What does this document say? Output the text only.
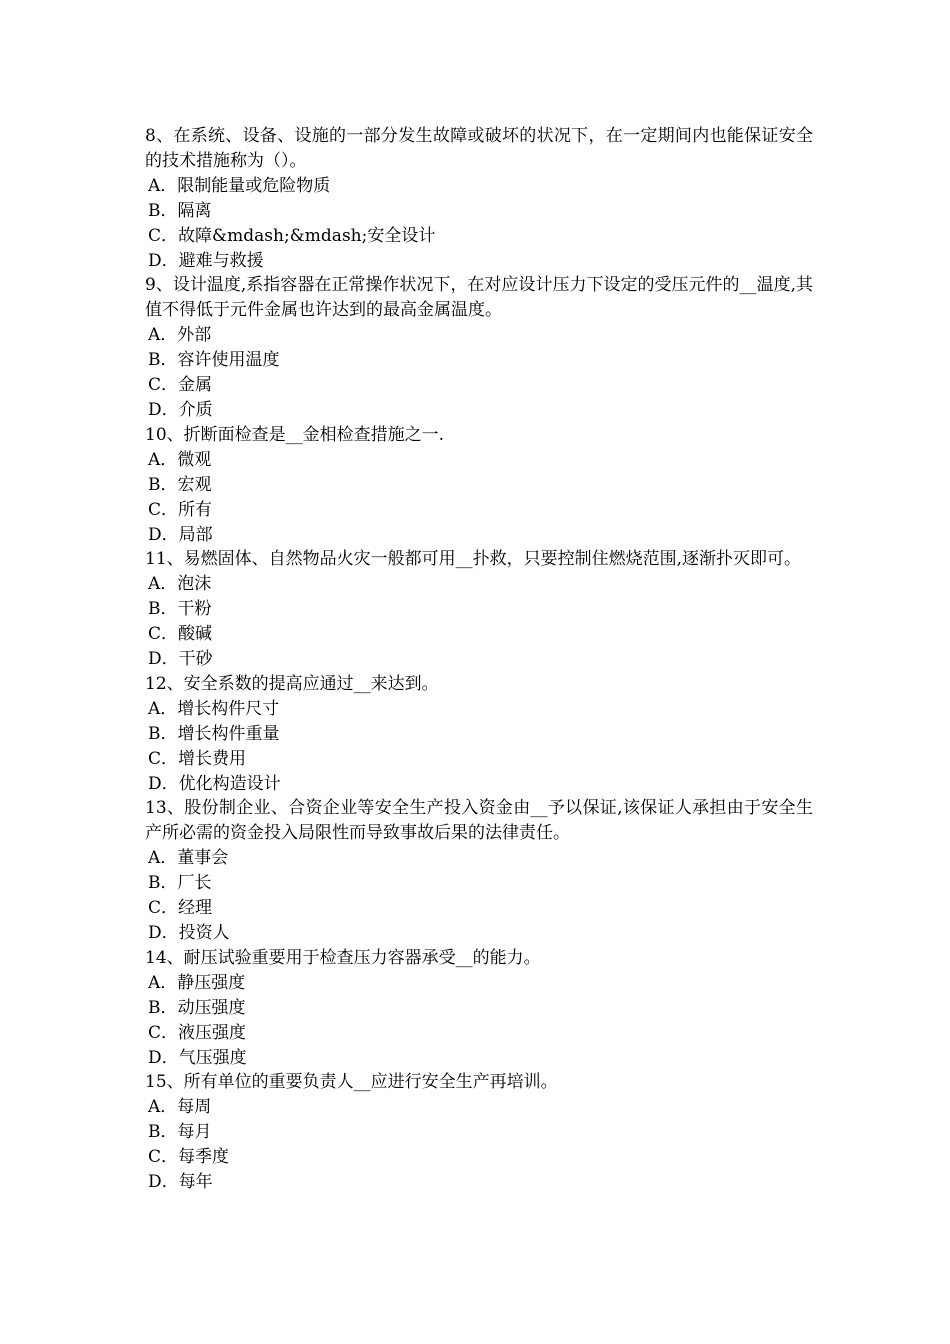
8、在系统、设备、设施的一部分发生故障或破坏的状况下，在一定期间内也能保证安全的技术措施称为（）。

A．限制能量或危险物质

B．隔离

C．故障&mdash;&mdash;安全设计

D．避难与救援

9、设计温度,系指容器在正常操作状况下，在对应设计压力下设定的受压元件的__温度,其值不得低于元件金属也许达到的最高金属温度。

A．外部

B．容许使用温度

C．金属

D．介质

10、折断面检查是__金相检查措施之一.

A．微观

B．宏观

C．所有

D．局部

11、易燃固体、自然物品火灾一般都可用__扑救，只要控制住燃烧范围,逐渐扑灭即可。

A．泡沫

B．干粉

C．酸碱

D．干砂

12、安全系数的提高应通过__来达到。

A．增长构件尺寸

B．增长构件重量

C．增长费用

D．优化构造设计

13、股份制企业、合资企业等安全生产投入资金由__予以保证,该保证人承担由于安全生产所必需的资金投入局限性而导致事故后果的法律责任。

A．董事会

B．厂长

C．经理

D．投资人

14、耐压试验重要用于检查压力容器承受__的能力。

A．静压强度

B．动压强度

C．液压强度

D．气压强度

15、所有单位的重要负责人__应进行安全生产再培训。

A．每周

B．每月

C．每季度

D．每年
